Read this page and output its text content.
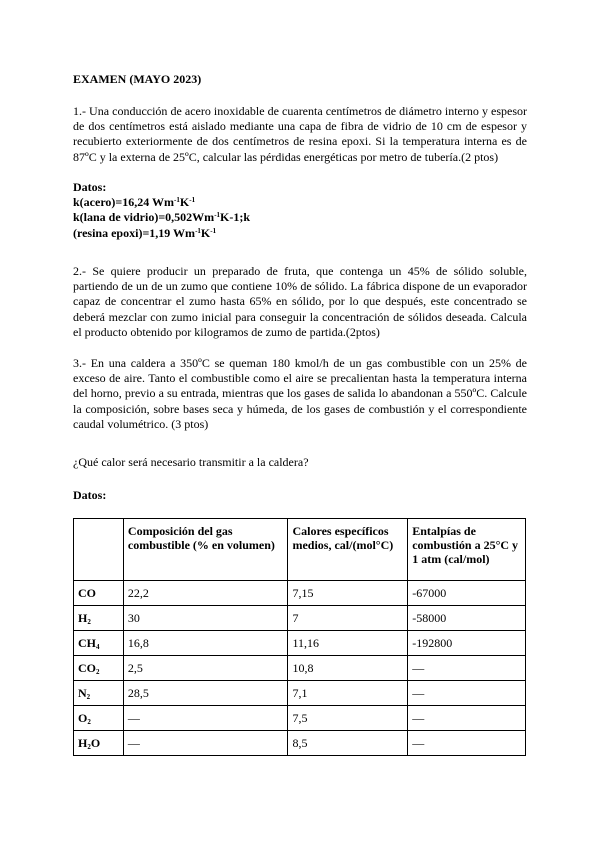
EXAMEN (MAYO 2023)

1.- Una conducción de acero inoxidable de cuarenta centímetros de diámetro interno y espesor de dos centímetros está aislado mediante una capa de fibra de vidrio de 10 cm de espesor y recubierto exteriormente de dos centímetros de resina epoxi. Si la temperatura interna es de 87ºC y la externa de 25ºC, calcular las pérdidas energéticas por metro de tubería.(2 ptos)

Datos:
k(acero)=16,24 $Wm^{-1}K^{-1}$
k(lana de $vidrio)=0,502Wm^{-1}K-1;k$
(resina epoxi)=1,19 $Wm^{-1}K^{-1}$

2.- Se quiere producir un preparado de fruta, que contenga un 45% de sólido soluble, partiendo de un de un zumo que contiene 10% de sólido. La fábrica dispone de un evaporador capaz de concentrar el zumo hasta 65% en sólido, por lo que después, este concentrado se deberá mezclar con zumo inicial para conseguir la concentración de sólidos deseada. Calcula el producto obtenido por kilogramos de zumo de partida.(2ptos)

3.- En una caldera a 350ºC se queman 180 kmol/h de un gas combustible con un 25% de exceso de aire. Tanto el combustible como el aire se precalientan hasta la temperatura interna del horno, previo a su entrada, mientras que los gases de salida lo abandonan a 550ºC. Calcule la composición, sobre bases seca y húmeda, de los gases de combustión y el correspondiente caudal volumétrico. (3 ptos)

¿Qué calor será necesario transmitir a la caldera?

Datos:
	Composición del gas combustible (% en volumen)	Calores específicos medios, cal/(mol°C)	Entalpías de combustión a 25°C y 1 atm (cal/mol)
CO	22,2	7,15	-67000
$H_2$	30	7	-58000
$CH_4$	16,8	11,16	-192800
$CO_2$	2,5	10,8	—
$N_2$	28,5	7,1	—
$O_2$	—	7,5	—
$H_2O$	—	8,5	—
